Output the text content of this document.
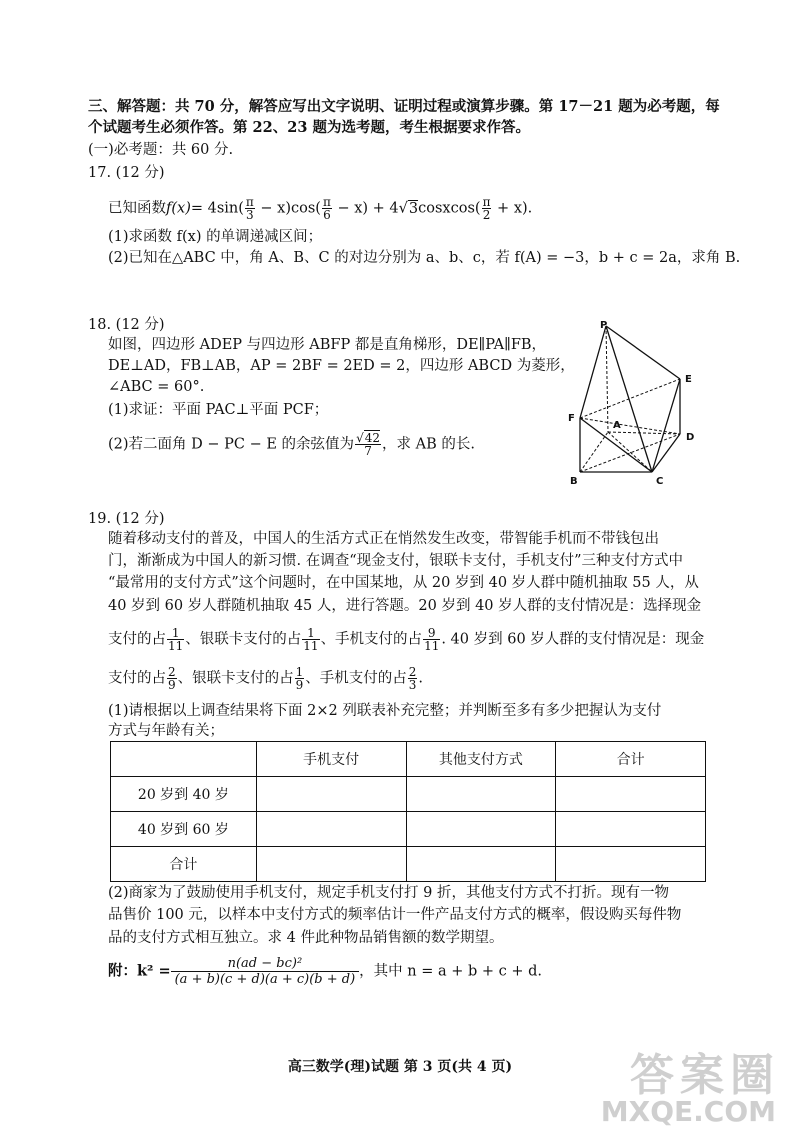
三、解答题：共 70 分，解答应写出文字说明、证明过程或演算步骤。第 17－21 题为必考题，每
个试题考生必须作答。第 22、23 题为选考题，考生根据要求作答。
(一)必考题：共 60 分.
17. (12 分)
已知函数$f(x)= 4\sin( \frac{\pi}{3} - x)\cos( \frac{\pi}{6} - x)$ + 4√3cosxcos( $\frac{\pi}{2} + x$).
(1)求函数 f(x) 的单调递减区间；
(2)已知在△ABC 中，角 A、B、C 的对边分别为 a、b、c，若 f(A) = −3，b + c = 2a，求角 B.
18. (12 分)
如图，四边形 ADEP 与四边形 ABFP 都是直角梯形，DE∥PA∥FB，
DE⊥AD，FB⊥AB，AP = 2BF = 2ED = 2，四边形 ABCD 为菱形，
∠ABC = 60°.
(1)求证：平面 PAC⊥平面 PCF；
(2)若二面角 D − PC − E 的余弦值为 $\frac{√42}{7}$ ，求 AB 的长.
P
E
F
A
D
B	C
19. (12 分)
随着移动支付的普及，中国人的生活方式正在悄然发生改变，带智能手机而不带钱包出
门，渐渐成为中国人的新习惯. 在调查“现金支付，银联卡支付，手机支付”三种支付方式中
“最常用的支付方式”这个问题时，在中国某地，从 20 岁到 40 岁人群中随机抽取 55 人，从
40 岁到 60 岁人群随机抽取 45 人，进行答题。20 岁到 40 岁人群的支付情况是：选择现金
支付的占 $\frac{1}{11}$ 、银联卡支付的占 $\frac{1}{11}$ 、手机支付的占 $\frac{9}{11}$ . 40 岁到 60 岁人群的支付情况是：现金
支付的占 $\frac{2}{9}$ 、银联卡支付的占 $\frac{1}{9}$ 、手机支付的占 $\frac{2}{3}$ .
(1)请根据以上调查结果将下面 2×2 列联表补充完整；并判断至多有多少把握认为支付
方式与年龄有关；
	手机支付	其他支付方式	合计
20 岁到 40 岁			
40 岁到 60 岁			
合计			
(2)商家为了鼓励使用手机支付，规定手机支付打 9 折，其他支付方式不打折。现有一物
品售价 100 元，以样本中支付方式的频率估计一件产品支付方式的概率，假设购买每件物
品的支付方式相互独立。求 4 件此种物品销售额的数学期望。
附：$k^2 = \frac{\text{n(ad − bc)²}}{(a + b)(c + d)(a + c)(b + d)}$ ，其中 n = a + b + c + d.
高三数学(理)试题 第 3 页(共 4 页)	答案圈
MXQE.COM
